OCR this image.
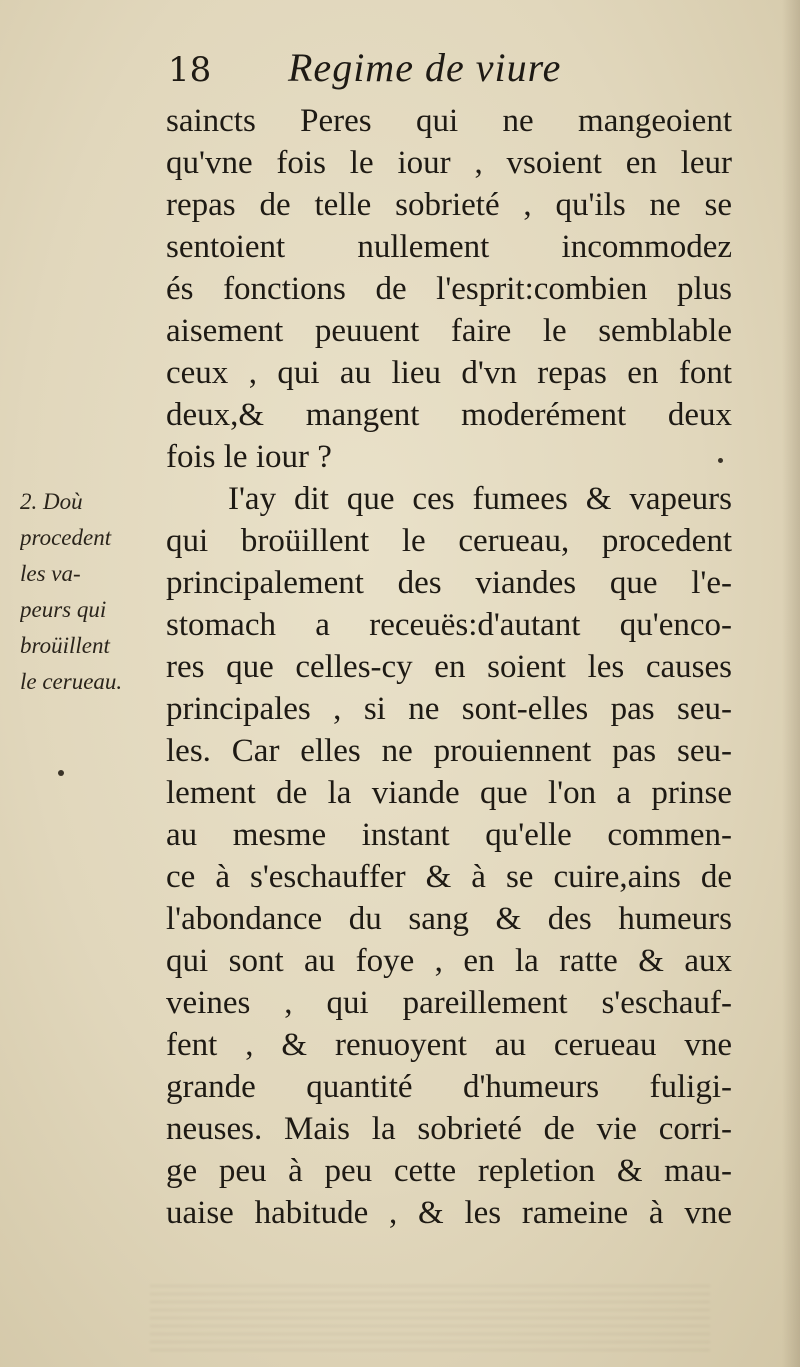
18 Regime de viure
saincts Peres qui ne mangeoient
qu'vne fois le iour , vsoient en leur
repas de telle sobrieté , qu'ils ne se
sentoient nullement incommodez
és fonctions de l'esprit:combien plus
aisement peuuent faire le semblable
ceux , qui au lieu d'vn repas en font
deux,& mangent moderément deux
fois le iour ?
I'ay dit que ces fumees & vapeurs
qui broüillent le cerueau, procedent
principalement des viandes que l'e-
stomach a receuës:d'autant qu'enco-
res que celles-cy en soient les causes
principales , si ne sont-elles pas seu-
les. Car elles ne prouiennent pas seu-
lement de la viande que l'on a prinse
au mesme instant qu'elle commen-
ce à s'eschauffer & à se cuire,ains de
l'abondance du sang & des humeurs
qui sont au foye , en la ratte & aux
veines , qui pareillement s'eschauf-
fent , & renuoyent au cerueau vne
grande quantité d'humeurs fuligi-
neuses. Mais la sobrieté de vie corri-
ge peu à peu cette repletion & mau-
uaise habitude , & les rameine à vne
2. Doù
procedent
les va-
peurs qui
broüillent
le cerueau.
